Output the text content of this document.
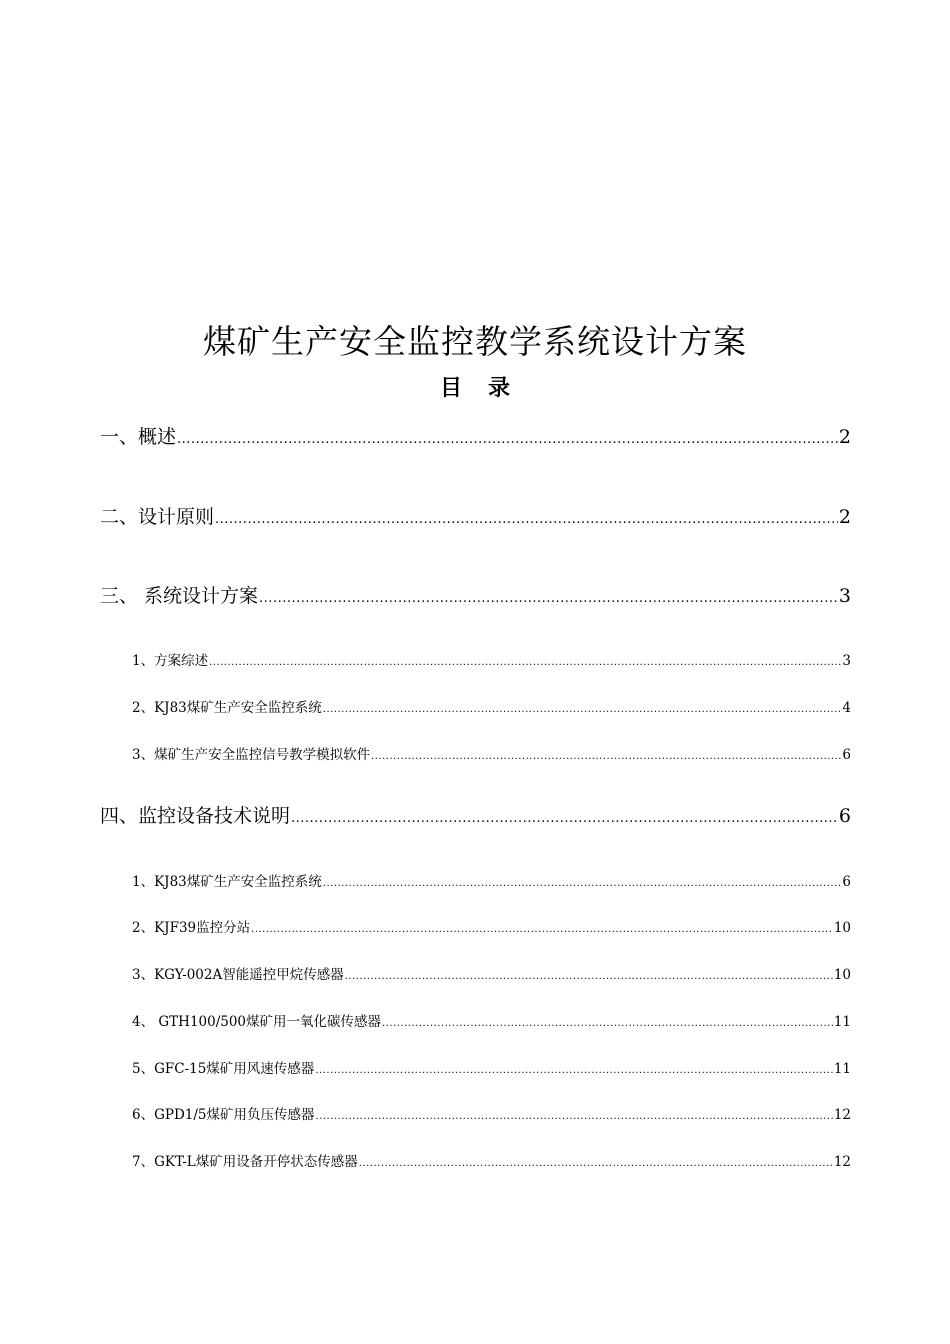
煤矿生产安全监控教学系统设计方案
目 录
一、概述 .....	2
二、设计原则 .....	2
三、 系统设计方案 .....	3
1、方案综述 .....	3
2、KJ83煤矿生产安全监控系统 .....	4
3、煤矿生产安全监控信号教学模拟软件 .....	6
四、监控设备技术说明 .....	6
1、KJ83煤矿生产安全监控系统 .....	6
2、KJF39监控分站 .....	10
3、KGY-002A智能遥控甲烷传感器 .....	10
4、 GTH100/500煤矿用一氧化碳传感器 .....	11
5、GFC-15煤矿用风速传感器 .....	11
6、GPD1/5煤矿用负压传感器 .....	12
7、GKT-L煤矿用设备开停状态传感器 .....	12
